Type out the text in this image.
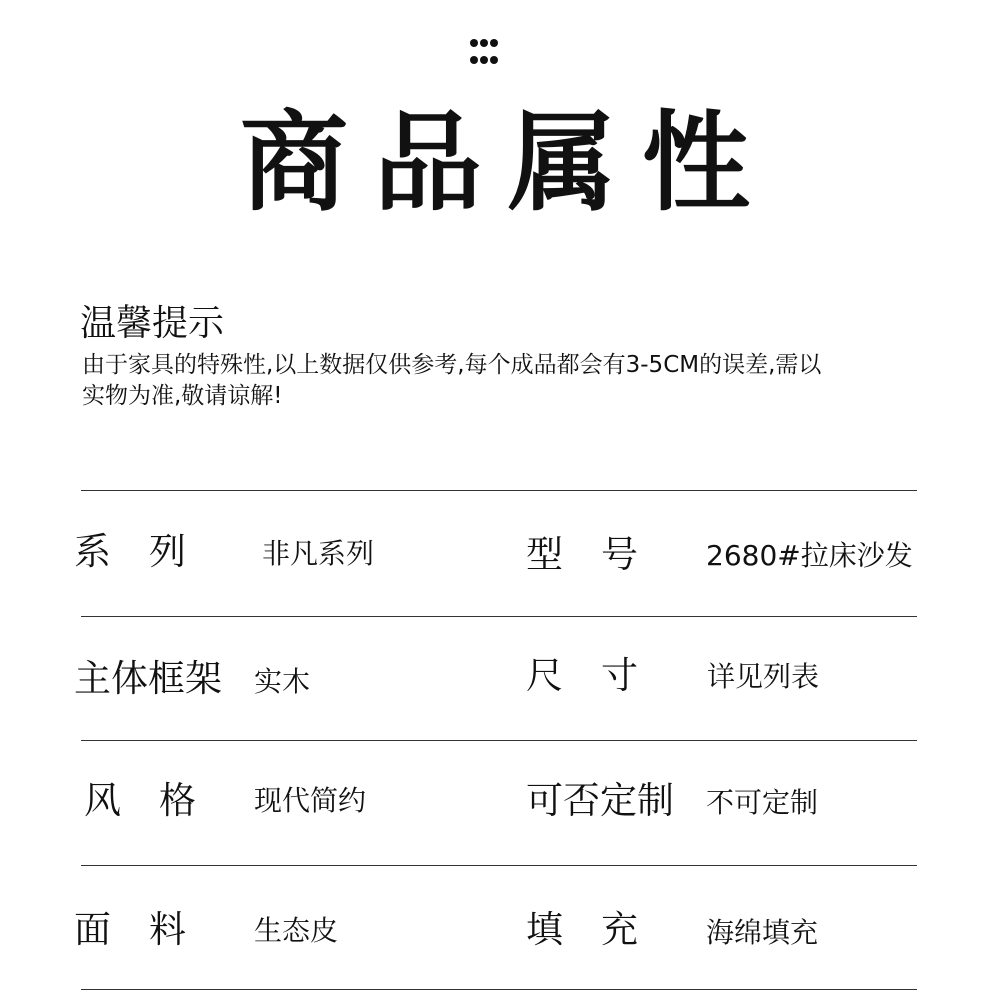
商品属性
温馨提示
由于家具的特殊性,以上数据仅供参考,每个成品都会有3-5CM的误差,需以
实物为准,敬请谅解!
系列 非凡系列	型号 2680#拉床沙发
主体框架 实木	尺寸 详见列表
风格 现代简约	可否定制 不可定制
面料 生态皮	填充 海绵填充
